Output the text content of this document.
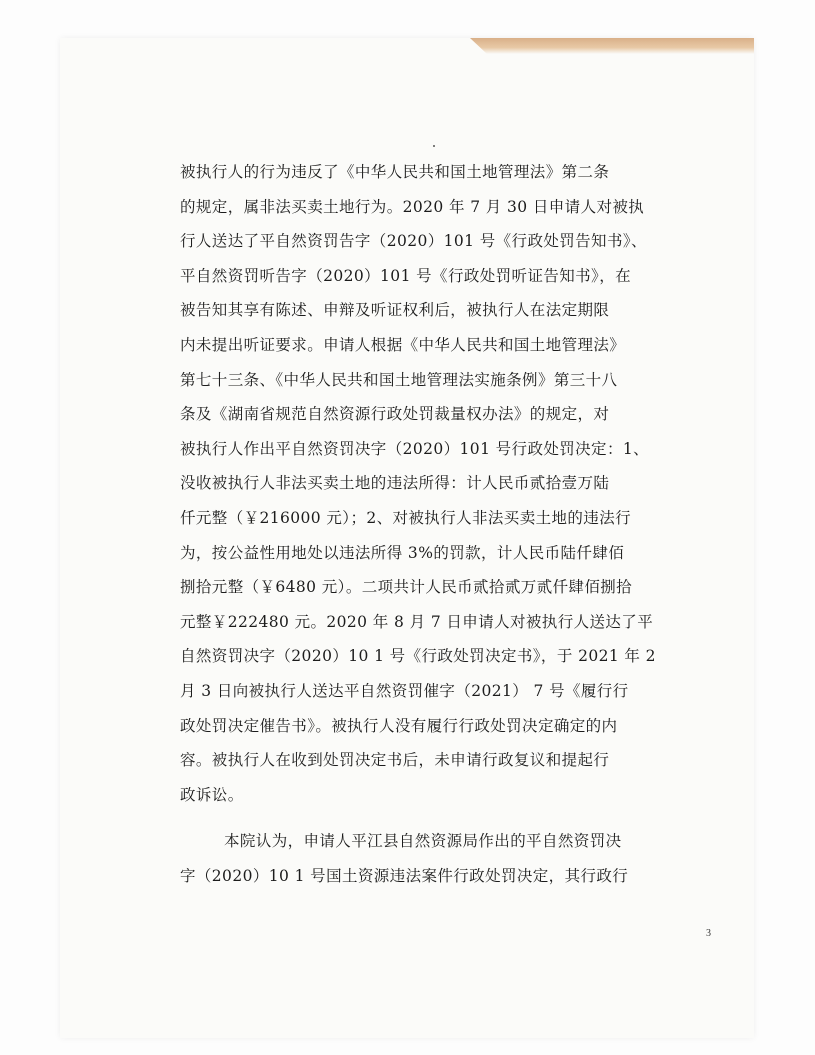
被执行人的行为违反了《中华人民共和国土地管理法》第二条
的规定，属非法买卖土地行为。2020 年 7 月 30 日申请人对被执
行人送达了平自然资罚告字（2020）101 号《行政处罚告知书》、
平自然资罚听告字（2020）101 号《行政处罚听证告知书》，在
被告知其享有陈述、申辩及听证权利后，被执行人在法定期限
内未提出听证要求。申请人根据《中华人民共和国土地管理法》
第七十三条、《中华人民共和国土地管理法实施条例》第三十八
条及《湖南省规范自然资源行政处罚裁量权办法》的规定，对
被执行人作出平自然资罚决字（2020）101 号行政处罚决定：1、
没收被执行人非法买卖土地的违法所得：计人民币贰拾壹万陆
仟元整（￥216000 元）；2、对被执行人非法买卖土地的违法行
为，按公益性用地处以违法所得 3%的罚款，计人民币陆仟肆佰
捌拾元整（￥6480 元）。二项共计人民币贰拾贰万贰仟肆佰捌拾
元整￥222480 元。2020 年 8 月 7 日申请人对被执行人送达了平
自然资罚决字（2020）10 1 号《行政处罚决定书》，于 2021 年 2
月 3 日向被执行人送达平自然资罚催字（2021） 7 号《履行行
政处罚决定催告书》。被执行人没有履行行政处罚决定确定的内
容。被执行人在收到处罚决定书后，未申请行政复议和提起行
政诉讼。

本院认为，申请人平江县自然资源局作出的平自然资罚决
字（2020）10 1 号国土资源违法案件行政处罚决定，其行政行

3
